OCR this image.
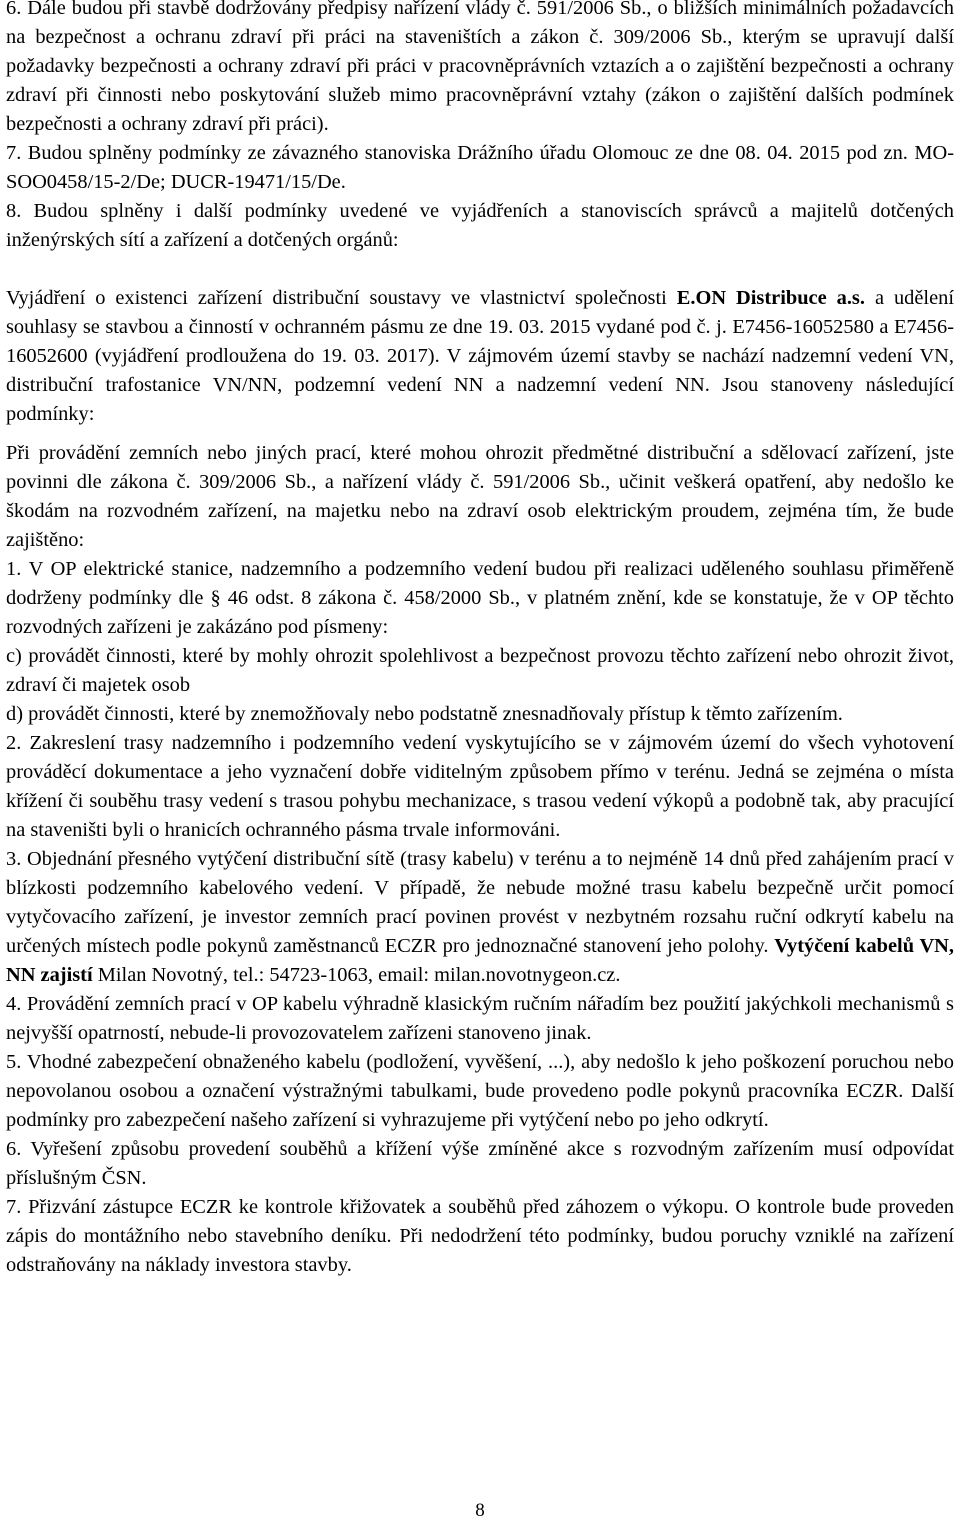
6. Dále budou při stavbě dodržovány předpisy nařízení vlády č. 591/2006 Sb., o bližších minimálních požadavcích na bezpečnost a ochranu zdraví při práci na staveništích a zákon č. 309/2006 Sb., kterým se upravují další požadavky bezpečnosti a ochrany zdraví při práci v pracovněprávních vztazích a o zajištění bezpečnosti a ochrany zdraví při činnosti nebo poskytování služeb mimo pracovněprávní vztahy (zákon o zajištění dalších podmínek bezpečnosti a ochrany zdraví při práci).

7. Budou splněny podmínky ze závazného stanoviska Drážního úřadu Olomouc ze dne 08. 04. 2015 pod zn. MO-SOO0458/15-2/De; DUCR-19471/15/De.

8. Budou splněny i další podmínky uvedené ve vyjádřeních a stanoviscích správců a majitelů dotčených inženýrských sítí a zařízení a dotčených orgánů:

Vyjádření o existenci zařízení distribuční soustavy ve vlastnictví společnosti E.ON Distribuce a.s. a udělení souhlasy se stavbou a činností v ochranném pásmu ze dne 19. 03. 2015 vydané pod č. j. E7456-16052580 a E7456-16052600 (vyjádření prodloužena do 19. 03. 2017). V zájmovém území stavby se nachází nadzemní vedení VN, distribuční trafostanice VN/NN, podzemní vedení NN a nadzemní vedení NN. Jsou stanoveny následující podmínky:

Při provádění zemních nebo jiných prací, které mohou ohrozit předmětné distribuční a sdělovací zařízení, jste povinni dle zákona č. 309/2006 Sb., a nařízení vlády č. 591/2006 Sb., učinit veškerá opatření, aby nedošlo ke škodám na rozvodném zařízení, na majetku nebo na zdraví osob elektrickým proudem, zejména tím, že bude zajištěno:

1. V OP elektrické stanice, nadzemního a podzemního vedení budou při realizaci uděleného souhlasu přiměřeně dodrženy podmínky dle § 46 odst. 8 zákona č. 458/2000 Sb., v platném znění, kde se konstatuje, že v OP těchto rozvodných zařízeni je zakázáno pod písmeny:

c) provádět činnosti, které by mohly ohrozit spolehlivost a bezpečnost provozu těchto zařízení nebo ohrozit život, zdraví či majetek osob

d) provádět činnosti, které by znemožňovaly nebo podstatně znesnadňovaly přístup k těmto zařízením.

2. Zakreslení trasy nadzemního i podzemního vedení vyskytujícího se v zájmovém území do všech vyhotovení prováděcí dokumentace a jeho vyznačení dobře viditelným způsobem přímo v terénu. Jedná se zejména o místa křížení či souběhu trasy vedení s trasou pohybu mechanizace, s trasou vedení výkopů a podobně tak, aby pracující na staveništi byli o hranicích ochranného pásma trvale informováni.

3. Objednání přesného vytýčení distribuční sítě (trasy kabelu) v terénu a to nejméně 14 dnů před zahájením prací v blízkosti podzemního kabelového vedení. V případě, že nebude možné trasu kabelu bezpečně určit pomocí vytyčovacího zařízení, je investor zemních prací povinen provést v nezbytném rozsahu ruční odkrytí kabelu na určených místech podle pokynů zaměstnanců ECZR pro jednoznačné stanovení jeho polohy. Vytýčení kabelů VN, NN zajistí Milan Novotný, tel.: 54723-1063, email: milan.novotnygeon.cz.

4. Provádění zemních prací v OP kabelu výhradně klasickým ručním nářadím bez použití jakýchkoli mechanismů s nejvyšší opatrností, nebude-li provozovatelem zařízeni stanoveno jinak.

5. Vhodné zabezpečení obnaženého kabelu (podložení, vyvěšení, ...), aby nedošlo k jeho poškození poruchou nebo nepovolanou osobou a označení výstražnými tabulkami, bude provedeno podle pokynů pracovníka ECZR. Další podmínky pro zabezpečení našeho zařízení si vyhrazujeme při vytýčení nebo po jeho odkrytí.

6. Vyřešení způsobu provedení souběhů a křížení výše zmíněné akce s rozvodným zařízením musí odpovídat příslušným ČSN.

7. Přizvání zástupce ECZR ke kontrole křižovatek a souběhů před záhozem o výkopu. O kontrole bude proveden zápis do montážního nebo stavebního deníku. Při nedodržení této podmínky, budou poruchy vzniklé na zařízení odstraňovány na náklady investora stavby.

8
